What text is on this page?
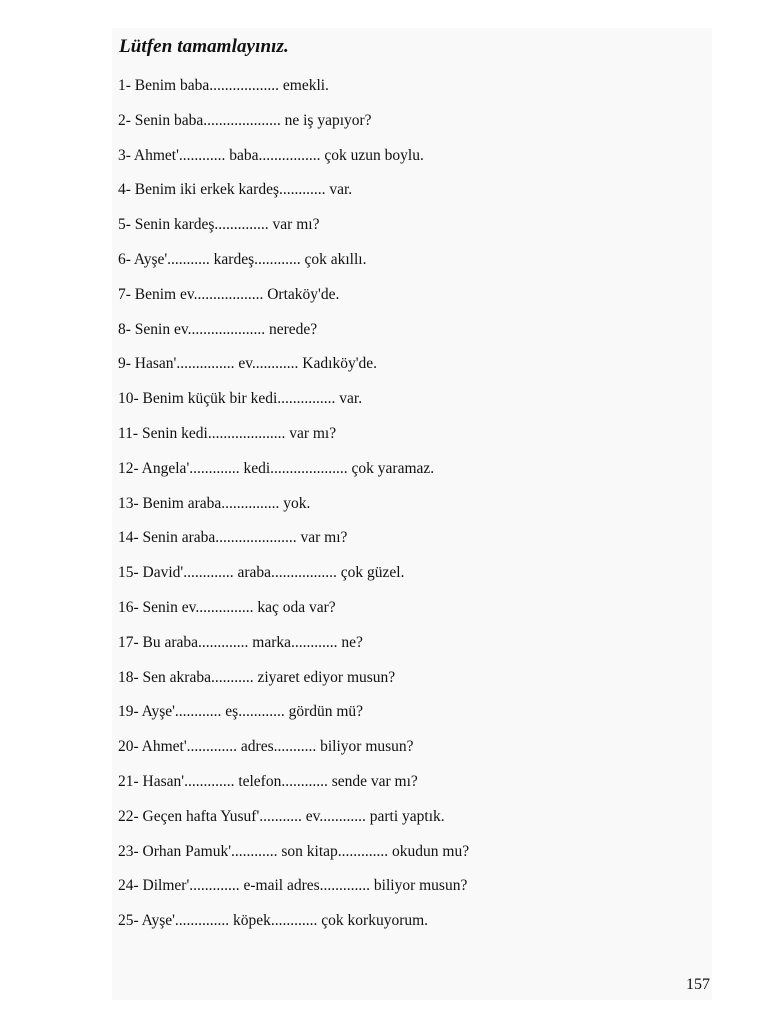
Lütfen tamamlayınız.
1- Benim baba.................. emekli.
2- Senin baba.................... ne iş yapıyor?
3- Ahmet'............ baba................ çok uzun boylu.
4- Benim iki erkek kardeş............ var.
5- Senin kardeş.............. var mı?
6- Ayşe'........... kardeş............ çok akıllı.
7- Benim ev.................. Ortaköy'de.
8- Senin ev.................... nerede?
9- Hasan'............... ev............ Kadıköy'de.
10- Benim küçük bir kedi............... var.
11- Senin kedi.................... var mı?
12- Angela'............. kedi.................... çok yaramaz.
13- Benim araba............... yok.
14- Senin araba..................... var mı?
15- David'............. araba................. çok güzel.
16- Senin ev............... kaç oda var?
17- Bu araba............. marka............ ne?
18- Sen akraba........... ziyaret ediyor musun?
19- Ayşe'............ eş............ gördün mü?
20- Ahmet'............. adres........... biliyor musun?
21- Hasan'............. telefon............ sende var mı?
22- Geçen hafta Yusuf'........... ev............ parti yaptık.
23- Orhan Pamuk'............ son kitap............. okudun mu?
24- Dilmer'............. e-mail adres............. biliyor musun?
25- Ayşe'.............. köpek............ çok korkuyorum.
157
